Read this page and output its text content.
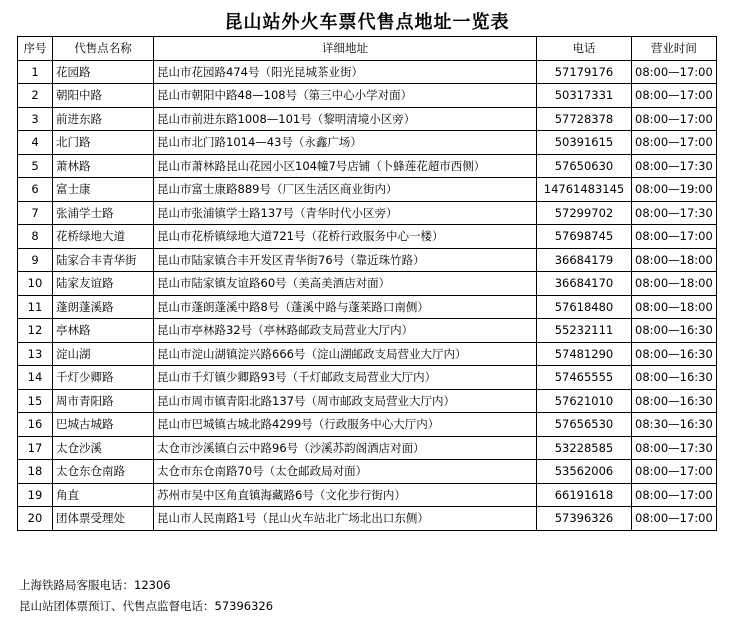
昆山站外火车票代售点地址一览表
序号	代售点名称	详细地址	电话	营业时间
1	花园路	昆山市花园路474号（阳光昆城茶业街）	57179176	08:00—17:00
2	朝阳中路	昆山市朝阳中路48—108号（第三中心小学对面）	50317331	08:00—17:00
3	前进东路	昆山市前进东路1008—101号（黎明清境小区旁）	57728378	08:00—17:00
4	北门路	昆山市北门路1014—43号（永鑫广场）	50391615	08:00—17:00
5	萧林路	昆山市萧林路昆山花园小区104幢7号店铺（卜蜂莲花超市西侧）	57650630	08:00—17:30
6	富士康	昆山市富士康路889号（厂区生活区商业街内）	14761483145	08:00—19:00
7	张浦学士路	昆山市张浦镇学士路137号（青华时代小区旁）	57299702	08:00—17:30
8	花桥绿地大道	昆山市花桥镇绿地大道721号（花桥行政服务中心一楼）	57698745	08:00—17:00
9	陆家合丰青华街	昆山市陆家镇合丰开发区青华街76号（靠近珠竹路）	36684179	08:00—18:00
10	陆家友谊路	昆山市陆家镇友谊路60号（美高美酒店对面）	36684170	08:00—18:00
11	蓬朗蓬溪路	昆山市蓬朗蓬溪中路8号（蓬溪中路与蓬莱路口南侧）	57618480	08:00—18:00
12	亭林路	昆山市亭林路32号（亭林路邮政支局营业大厅内）	55232111	08:00—16:30
13	淀山湖	昆山市淀山湖镇淀兴路666号（淀山湖邮政支局营业大厅内）	57481290	08:00—16:30
14	千灯少卿路	昆山市千灯镇少卿路93号（千灯邮政支局营业大厅内）	57465555	08:00—16:30
15	周市青阳路	昆山市周市镇青阳北路137号（周市邮政支局营业大厅内）	57621010	08:00—16:30
16	巴城古城路	昆山市巴城镇古城北路4299号（行政服务中心大厅内）	57656530	08:30—16:30
17	太仓沙溪	太仓市沙溪镇白云中路96号（沙溪苏韵阁酒店对面）	53228585	08:00—17:30
18	太仓东仓南路	太仓市东仓南路70号（太仓邮政局对面）	53562006	08:00—17:00
19	角直	苏州市吴中区角直镇海藏路6号（文化步行街内）	66191618	08:00—17:00
20	团体票受理处	昆山市人民南路1号（昆山火车站北广场北出口东侧）	57396326	08:00—17:00
上海铁路局客服电话：12306
昆山站团体票预订、代售点监督电话：57396326
